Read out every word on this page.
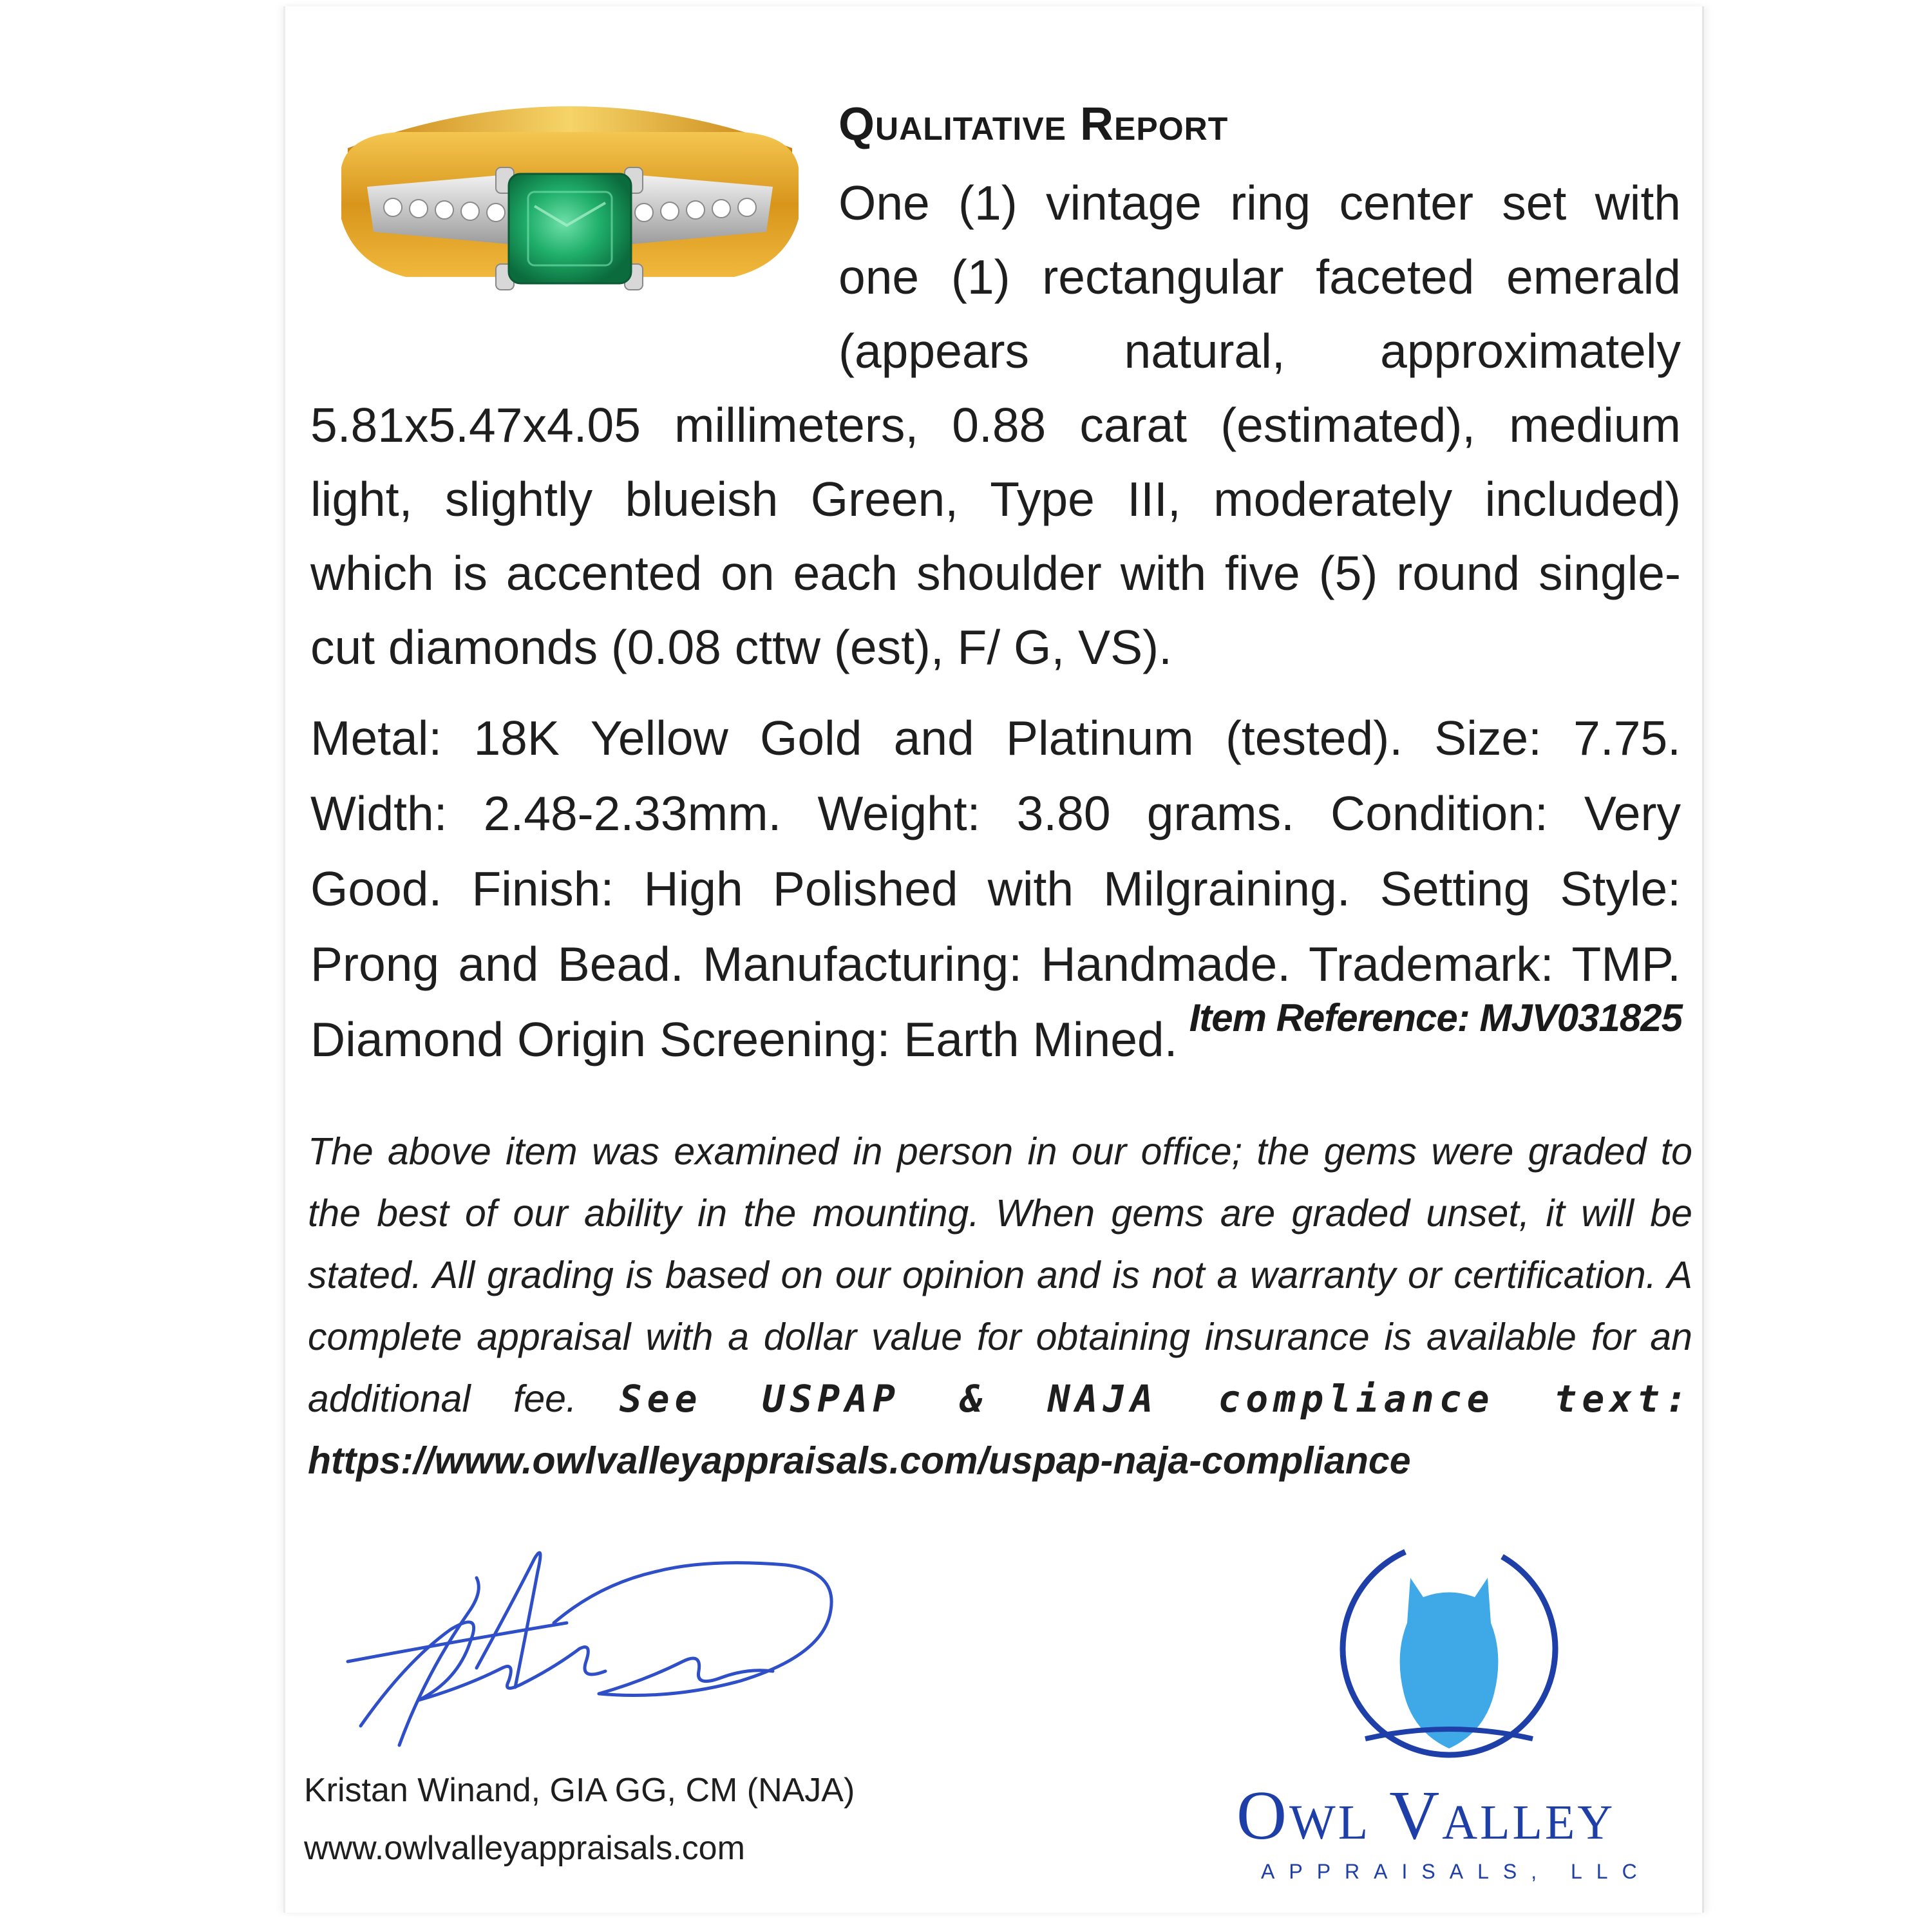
Qualitative Report
One (1) vintage ring center set with one (1) rectangular faceted emerald (appears natural, approximately 5.81x5.47x4.05 millimeters, 0.88 carat (estimated), medium light, slightly blueish Green, Type III, moderately included) which is accented on each shoulder with five (5) round single-cut diamonds (0.08 cttw (est), F/ G, VS).
Metal: 18K Yellow Gold and Platinum (tested). Size: 7.75. Width: 2.48-2.33mm. Weight: 3.80 grams. Condition: Very Good. Finish: High Polished with Milgraining. Setting Style: Prong and Bead. Manufacturing: Handmade. Trademark: TMP. Diamond Origin Screening: Earth Mined. Item Reference: MJV031825
The above item was examined in person in our office; the gems were graded to the best of our ability in the mounting. When gems are graded unset, it will be stated. All grading is based on our opinion and is not a warranty or certification. A complete appraisal with a dollar value for obtaining insurance is available for an additional fee. See USPAP & NAJA compliance text: https://www.owlvalleyappraisals.com/uspap-naja-compliance
Kristan Winand, GIA GG, CM (NAJA)
www.owlvalleyappraisals.com	Owl Valley
APPRAISALS, LLC
